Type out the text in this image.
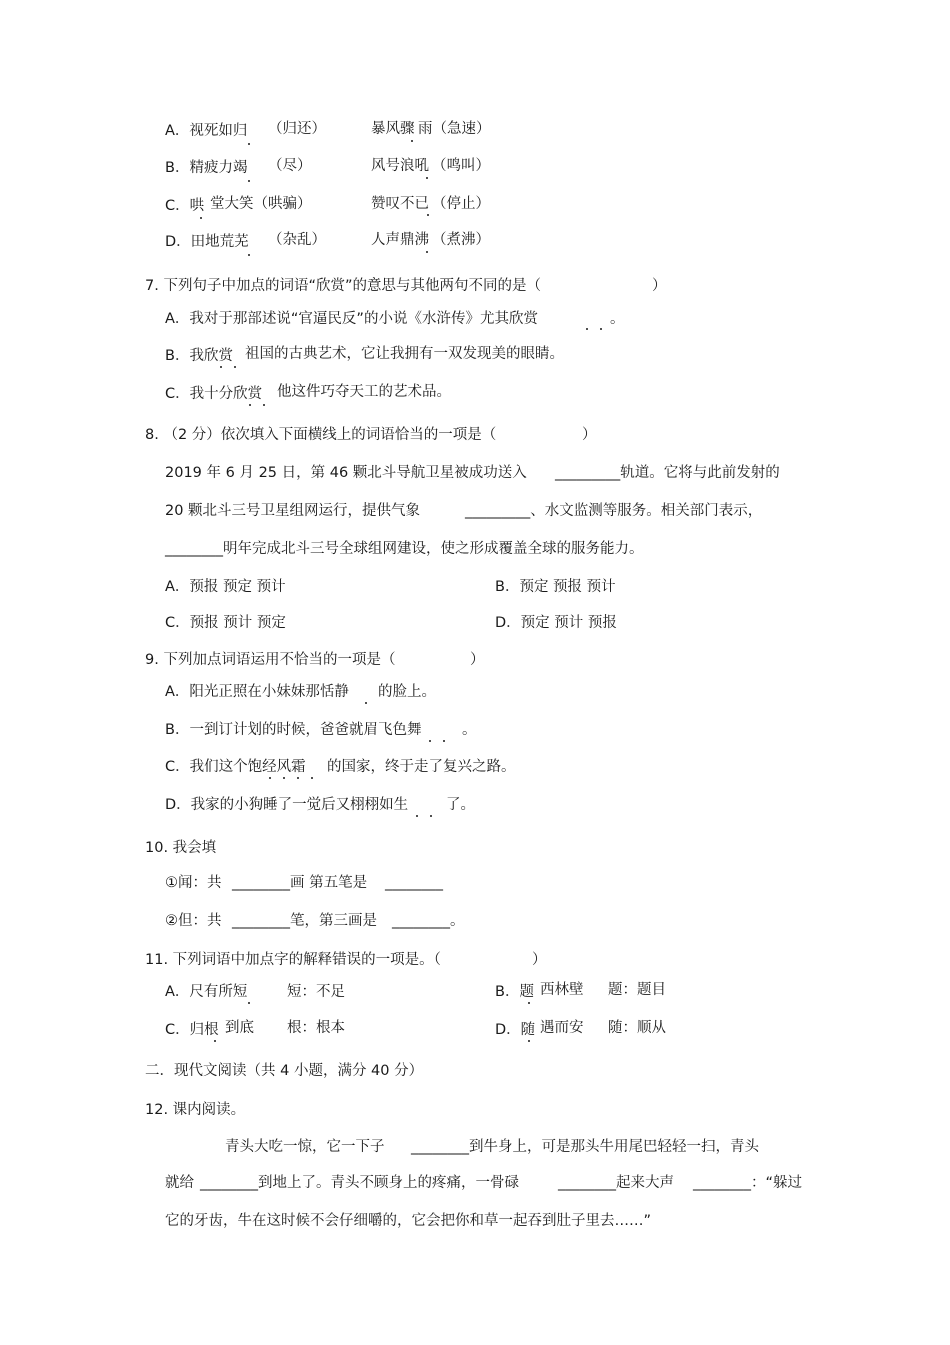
A．视死如归 （归还）	暴风骤 雨（急速）
B．精疲力竭 （尽）	风号浪吼 （鸣叫）
C．哄 堂大笑（哄骗）	赞叹不已 （停止）
D．田地荒芜 （杂乱）	人声鼎沸 （煮沸）
7. 下列句子中加点的词语“欣赏”的意思与其他两句不同的是（	）
A．我对于那部述说“官逼民反”的小说《水浒传》尤其欣赏	。
B．我欣赏 祖国的古典艺术，它让我拥有一双发现美的眼睛。
C．我十分欣赏 他这件巧夺天工的艺术品。
8. （2 分）依次填入下面横线上的词语恰当的一项是（	）
2019 年 6 月 25 日，第 46 颗北斗导航卫星被成功送入 _________轨道。它将与此前发射的
20 颗北斗三号卫星组网运行，提供气象	_________、水文监测等服务。相关部门表示，
________明年完成北斗三号全球组网建设，使之形成覆盖全球的服务能力。
A．预报 预定 预计	B．预定 预报 预计
C．预报 预计 预定	D．预定 预计 预报
9. 下列加点词语运用不恰当的一项是（	）
A．阳光正照在小妹妹那恬静 的脸上。
B．一到订计划的时候，爸爸就眉飞色舞	。
C．我们这个饱经风霜 的国家，终于走了复兴之路。
D．我家的小狗睡了一觉后又栩栩如生	了。
10. 我会填
①闻：共 ________画 第五笔是 ________
②但：共 ________笔，第三画是 ________。
11. 下列词语中加点字的解释错误的一项是。（	）
A．尺有所短	短：不足	B．题 西林壁 题：题目
C．归根 到底 根：根本	D．随 遇而安 随：顺从
二．现代文阅读（共 4 小题，满分 40 分）
12. 课内阅读。
青头大吃一惊，它一下子 ________到牛身上，可是那头牛用尾巴轻轻一扫，青头
就给 ________到地上了。青头不顾身上的疼痛，一骨碌	________起来大声 ________：“躲过
它的牙齿，牛在这时候不会仔细嚼的，它会把你和草一起吞到肚子里去……”
